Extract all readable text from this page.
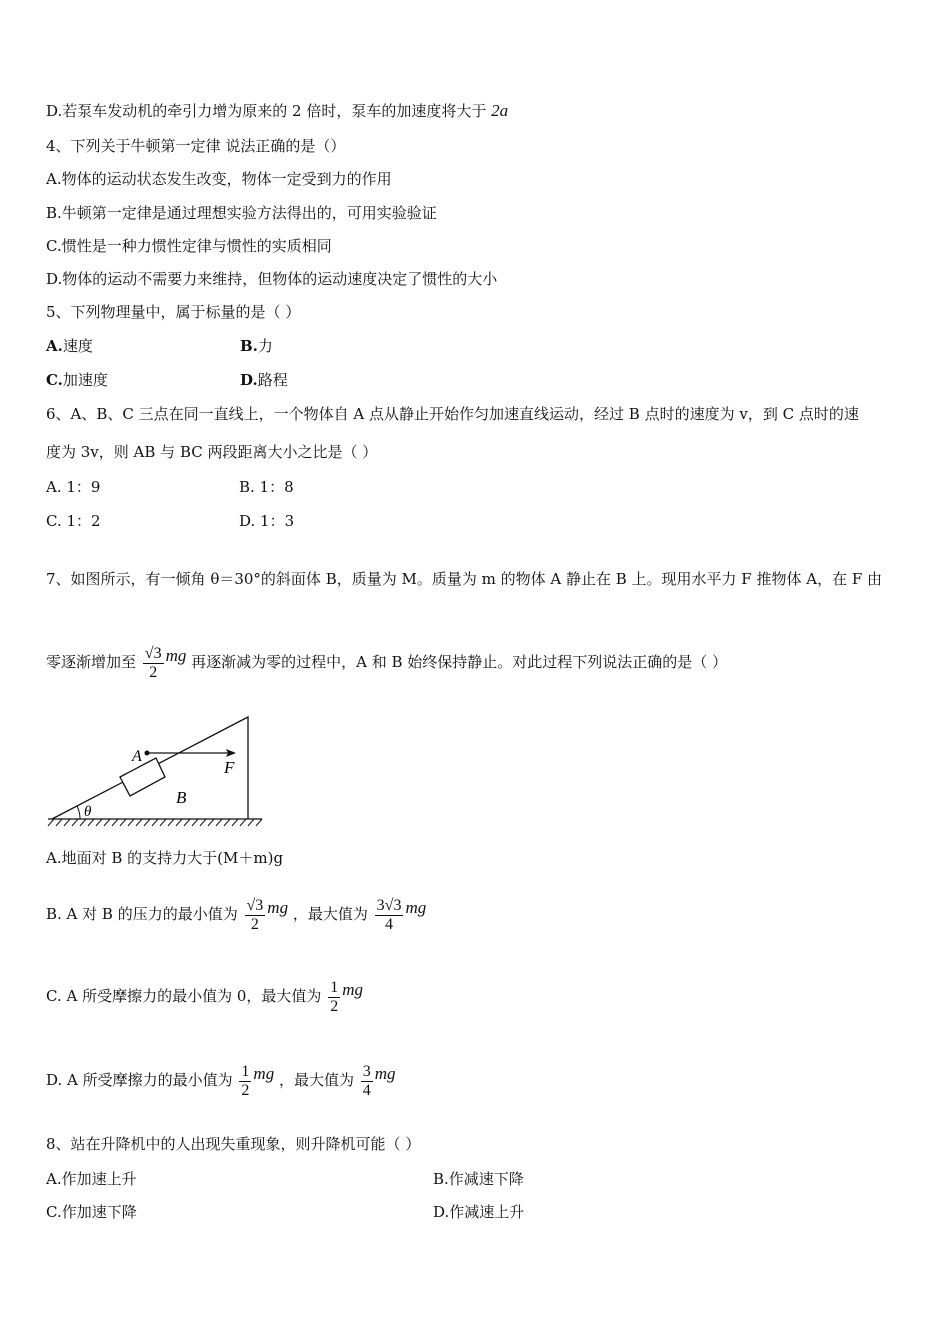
D.若泵车发动机的牵引力增为原来的 2 倍时，泵车的加速度将大于 2a
4、下列关于牛顿第一定律 说法正确的是（）
A.物体的运动状态发生改变，物体一定受到力的作用
B.牛顿第一定律是通过理想实验方法得出的，可用实验验证
C.惯性是一种力惯性定律与惯性的实质相同
D.物体的运动不需要力来维持，但物体的运动速度决定了惯性的大小
5、下列物理量中，属于标量的是（ ）
A.速度	B.力
C.加速度	D.路程
6、A、B、C 三点在同一直线上，一个物体自 A 点从静止开始作匀加速直线运动，经过 B 点时的速度为 v，到 C 点时的速
度为 3v，则 AB 与 BC 两段距离大小之比是（ ）
A. 1：9	B. 1：8
C. 1：2	D. 1：3
7、如图所示，有一倾角 θ＝30°的斜面体 B，质量为 M。质量为 m 的物体 A 静止在 B 上。现用水平力 F 推物体 A，在 F 由
零逐渐增加至 $\frac{√3}{2}$ mg 再逐渐减为零的过程中，A 和 B 始终保持静止。对此过程下列说法正确的是（ ）
A
F
B
θ
A.地面对 B 的支持力大于(M＋m)g
B. A 对 B 的压力的最小值为 $\frac{√3}{2}$ mg ，最大值为 $\frac{3√3}{4}$ mg
C. A 所受摩擦力的最小值为 0，最大值为 $\frac{1}{2}$ mg
D. A 所受摩擦力的最小值为 $\frac{1}{2}$ mg ，最大值为 $\frac{3}{4}$ mg
8、站在升降机中的人出现失重现象，则升降机可能（ ）
A.作加速上升	B.作减速下降
C.作加速下降	D.作减速上升
